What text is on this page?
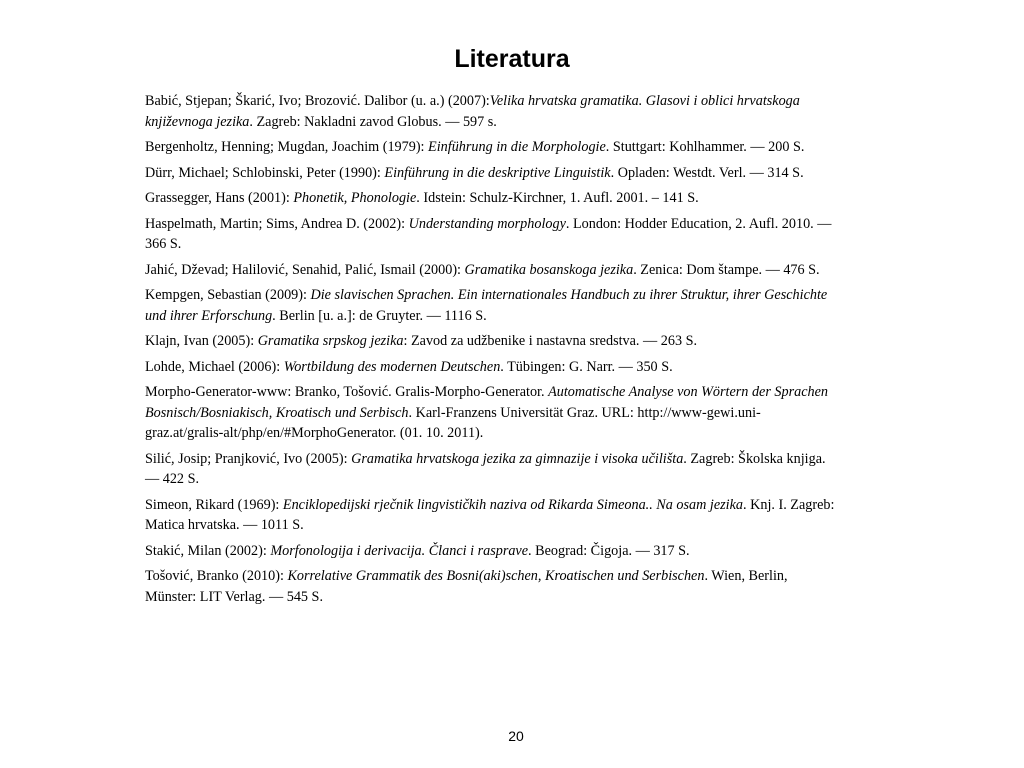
Literatura

Babić, Stjepan; Škarić, Ivo; Brozović. Dalibor (u. a.) (2007):Velika hrvatska gramatika. Glasovi i oblici hrvatskoga književnoga jezika. Zagreb: Nakladni zavod Globus. — 597 s.

Bergenholtz, Henning; Mugdan, Joachim (1979): Einführung in die Morphologie. Stuttgart: Kohlhammer. — 200 S.

Dürr, Michael; Schlobinski, Peter (1990): Einführung in die deskriptive Linguistik. Opladen: Westdt. Verl. — 314 S.

Grassegger, Hans (2001): Phonetik, Phonologie. Idstein: Schulz-Kirchner, 1. Aufl. 2001. – 141 S.

Haspelmath, Martin; Sims, Andrea D. (2002): Understanding morphology. London: Hodder Education, 2. Aufl. 2010. — 366 S.

Jahić, Dževad; Halilović, Senahid, Palić, Ismail (2000): Gramatika bosanskoga jezika. Zenica: Dom štampe. — 476 S.

Kempgen, Sebastian (2009): Die slavischen Sprachen. Ein internationales Handbuch zu ihrer Struktur, ihrer Geschichte und ihrer Erforschung. Berlin [u. a.]: de Gruyter. — 1116 S.

Klajn, Ivan (2005): Gramatika srpskog jezika: Zavod za udžbenike i nastavna sredstva. — 263 S.

Lohde, Michael (2006): Wortbildung des modernen Deutschen. Tübingen: G. Narr. — 350 S.

Morpho-Generator-www: Branko, Tošović. Gralis-Morpho-Generator. Automatische Analyse von Wörtern der Sprachen Bosnisch/Bosniakisch, Kroatisch und Serbisch. Karl-Franzens Universität Graz. URL: http://www-gewi.uni-graz.at/gralis-alt/php/en/#MorphoGenerator. (01. 10. 2011).

Silić, Josip; Pranjković, Ivo (2005): Gramatika hrvatskoga jezika za gimnazije i visoka učilišta. Zagreb: Školska knjiga. — 422 S.

Simeon, Rikard (1969): Enciklopedijski rječnik lingvističkih naziva od Rikarda Simeona.. Na osam jezika. Knj. I. Zagreb: Matica hrvatska. — 1011 S.

Stakić, Milan (2002): Morfonologija i derivacija. Članci i rasprave. Beograd: Čigoja. — 317 S.

Tošović, Branko (2010): Korrelative Grammatik des Bosni(aki)schen, Kroatischen und Serbischen. Wien, Berlin, Münster: LIT Verlag. — 545 S.

20
